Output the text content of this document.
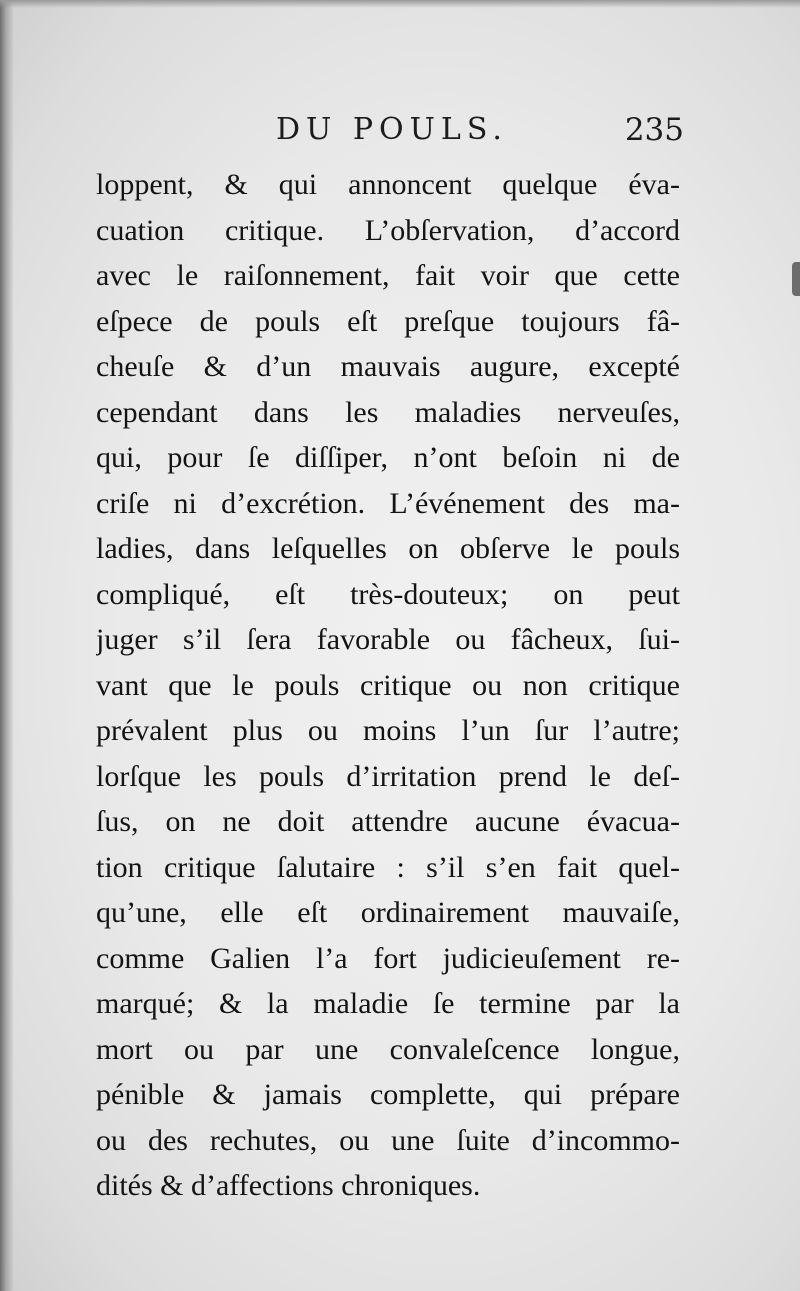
DU POULS.	235
loppent, & qui annoncent quelque éva-
cuation critique. L’obſervation, d’accord
avec le raiſonnement, fait voir que cette
eſpece de pouls eſt preſque toujours fâ-
cheuſe & d’un mauvais augure, excepté
cependant dans les maladies nerveuſes,
qui, pour ſe diſſiper, n’ont beſoin ni de
criſe ni d’excrétion. L’événement des ma-
ladies, dans leſquelles on obſerve le pouls
compliqué, eſt très-douteux; on peut
juger s’il ſera favorable ou fâcheux, ſui-
vant que le pouls critique ou non critique
prévalent plus ou moins l’un ſur l’autre;
lorſque les pouls d’irritation prend le deſ-
ſus, on ne doit attendre aucune évacua-
tion critique ſalutaire : s’il s’en fait quel-
qu’une, elle eſt ordinairement mauvaiſe,
comme Galien l’a fort judicieuſement re-
marqué; & la maladie ſe termine par la
mort ou par une convaleſcence longue,
pénible & jamais complette, qui prépare
ou des rechutes, ou une ſuite d’incommo-
dités & d’affections chroniques.
